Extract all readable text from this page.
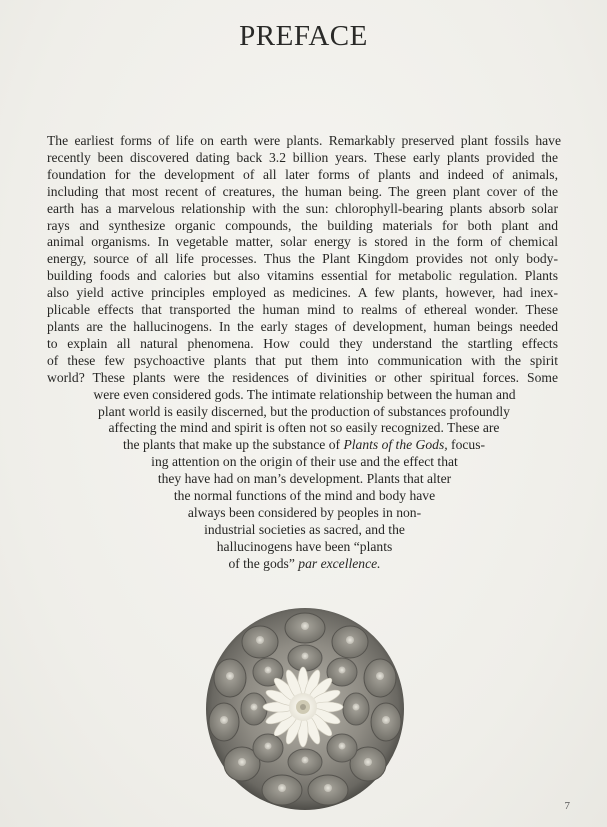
PREFACE
The earliest forms of life on earth were plants. Remarkably preserved plant fossils have
recently been discovered dating back 3.2 billion years. These early plants provided the
foundation for the development of all later forms of plants and indeed of animals,
including that most recent of creatures, the human being. The green plant cover of the
earth has a marvelous relationship with the sun: chlorophyll-bearing plants absorb solar
rays and synthesize organic compounds, the building materials for both plant and
animal organisms. In vegetable matter, solar energy is stored in the form of chemical
energy, source of all life processes. Thus the Plant Kingdom provides not only body-
building foods and calories but also vitamins essential for metabolic regulation. Plants
also yield active principles employed as medicines. A few plants, however, had inex-
plicable effects that transported the human mind to realms of ethereal wonder. These
plants are the hallucinogens. In the early stages of development, human beings needed
to explain all natural phenomena. How could they understand the startling effects
of these few psychoactive plants that put them into communication with the spirit
world? These plants were the residences of divinities or other spiritual forces. Some
were even considered gods. The intimate relationship between the human and
plant world is easily discerned, but the production of substances profoundly
affecting the mind and spirit is often not so easily recognized. These are
the plants that make up the substance of Plants of the Gods, focus-
ing attention on the origin of their use and the effect that
they have had on man’s development. Plants that alter
the normal functions of the mind and body have
always been considered by peoples in non-
industrial societies as sacred, and the
hallucinogens have been “plants
of the gods” par excellence.
7
